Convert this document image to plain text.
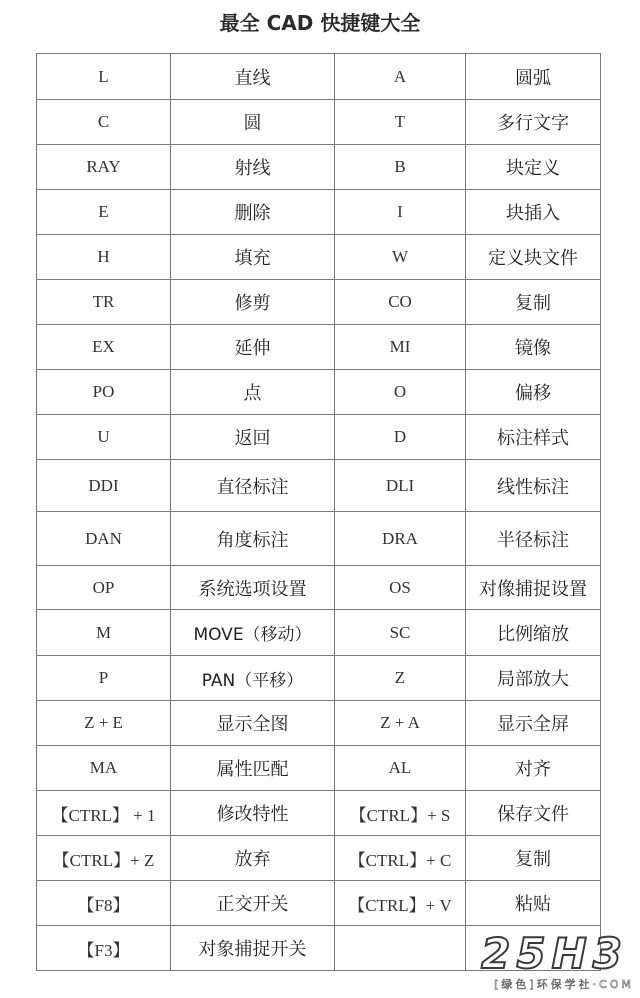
最全 CAD 快捷键大全
L	直线	A	圆弧
C	圆	T	多行文字
RAY	射线	B	块定义
E	删除	I	块插入
H	填充	W	定义块文件
TR	修剪	CO	复制
EX	延伸	MI	镜像
PO	点	O	偏移
U	返回	D	标注样式
DDI	直径标注	DLI	线性标注
DAN	角度标注	DRA	半径标注
OP	系统选项设置	OS	对像捕捉设置
M	MOVE（移动）	SC	比例缩放
P	PAN（平移）	Z	局部放大
Z + E	显示全图	Z + A	显示全屏
MA	属性匹配	AL	对齐
【CTRL】 + 1	修改特性	【CTRL】+ S	保存文件
【CTRL】+ Z	放弃	【CTRL】+ C	复制
【F8】	正交开关	【CTRL】+ V	粘贴
【F3】	对象捕捉开关			25H3
[绿色]环保学社·COM
